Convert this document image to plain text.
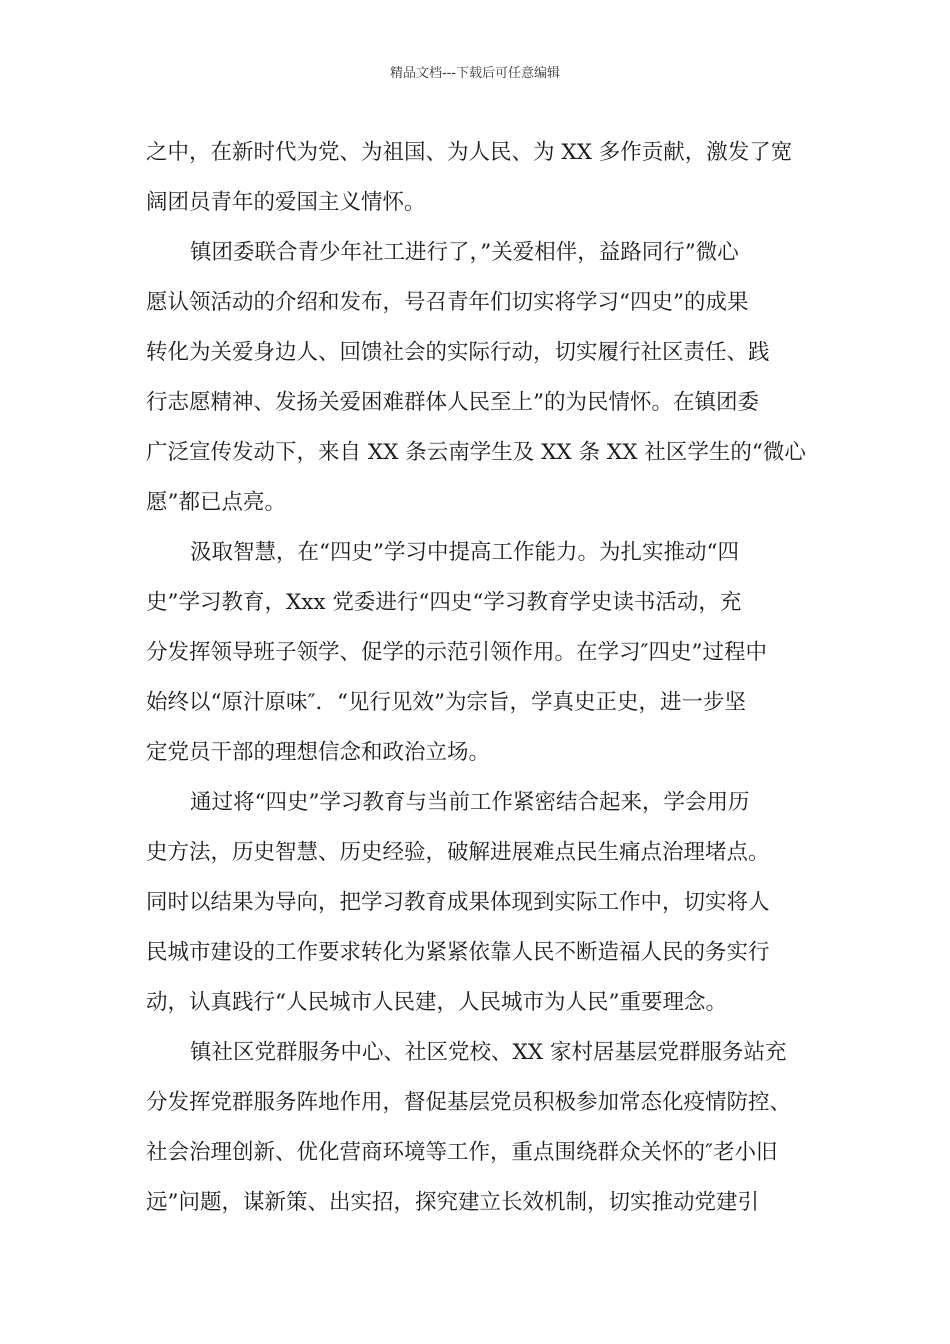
精品文档---下载后可任意编辑
之中，在新时代为党、为祖国、为人民、为 XX 多作贡献，激发了宽
阔团员青年的爱国主义情怀。
镇团委联合青少年社工进行了，”关爱相伴，益路同行”微心
愿认领活动的介绍和发布，号召青年们切实将学习“四史”的成果
转化为关爱身边人、回馈社会的实际行动，切实履行社区责任、践
行志愿精神、发扬关爱困难群体人民至上”的为民情怀。在镇团委
广泛宣传发动下，来自 XX 条云南学生及 XX 条 XX 社区学生的“微心
愿”都已点亮。
汲取智慧，在“四史”学习中提高工作能力。为扎实推动“四
史”学习教育，Xxx 党委进行“四史“学习教育学史读书活动，充
分发挥领导班子领学、促学的示范引领作用。在学习″四史”过程中
始终以“原汁原味″．“见行见效”为宗旨，学真史正史，进一步坚
定党员干部的理想信念和政治立场。
通过将“四史”学习教育与当前工作紧密结合起来，学会用历
史方法，历史智慧、历史经验，破解进展难点民生痛点治理堵点。
同时以结果为导向，把学习教育成果体现到实际工作中，切实将人
民城市建设的工作要求转化为紧紧依靠人民不断造福人民的务实行
动，认真践行“人民城市人民建，人民城市为人民”重要理念。
镇社区党群服务中心、社区党校、XX 家村居基层党群服务站充
分发挥党群服务阵地作用，督促基层党员积极参加常态化疫情防控、
社会治理创新、优化营商环境等工作，重点围绕群众关怀的″老小旧
远”问题，谋新策、出实招，探究建立长效机制，切实推动党建引
